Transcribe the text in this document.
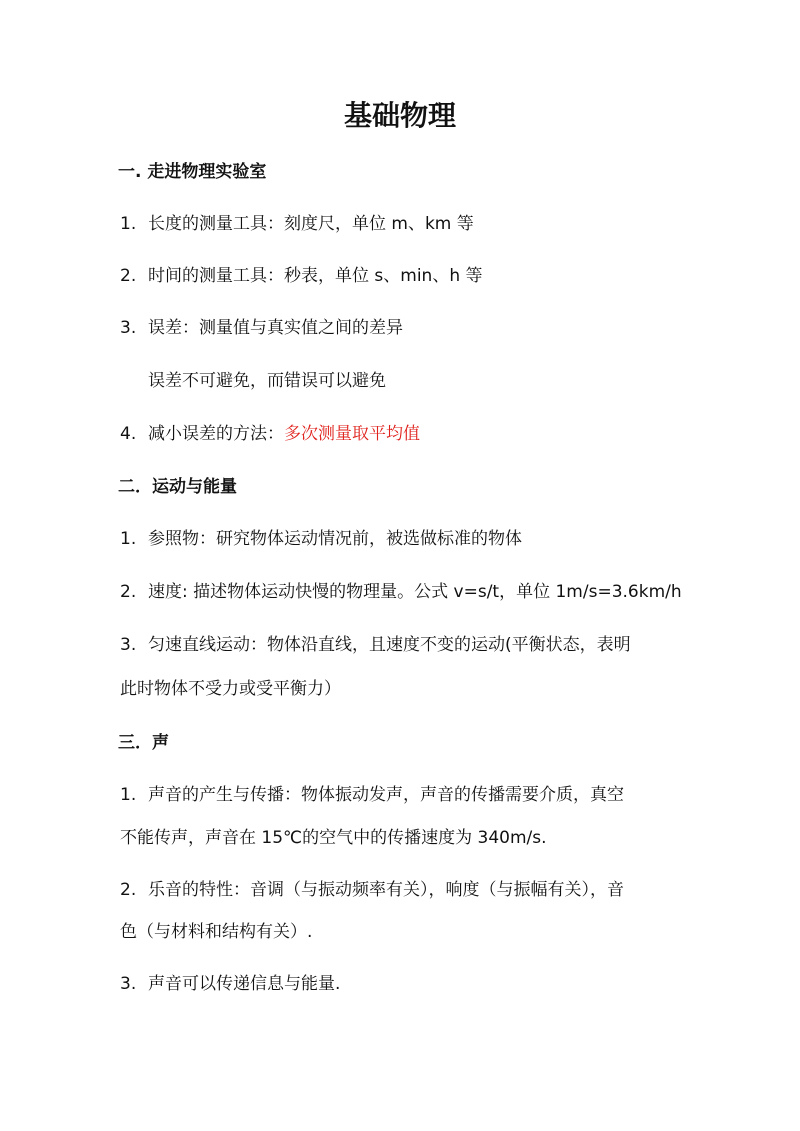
基础物理
一. 走进物理实验室
1. 长度的测量工具：刻度尺，单位 m、km 等
2. 时间的测量工具：秒表，单位 s、min、h 等
3. 误差：测量值与真实值之间的差异
误差不可避免，而错误可以避免
4. 减小误差的方法：多次测量取平均值
二．运动与能量
1. 参照物：研究物体运动情况前，被选做标准的物体
2. 速度: 描述物体运动快慢的物理量。公式 v=s/t，单位 1m/s=3.6km/h
3. 匀速直线运动：物体沿直线，且速度不变的运动(平衡状态，表明
此时物体不受力或受平衡力）
三．声
1. 声音的产生与传播：物体振动发声，声音的传播需要介质，真空
不能传声，声音在 15℃的空气中的传播速度为 340m/s.
2. 乐音的特性：音调（与振动频率有关），响度（与振幅有关），音
色（与材料和结构有关）.
3. 声音可以传递信息与能量.
